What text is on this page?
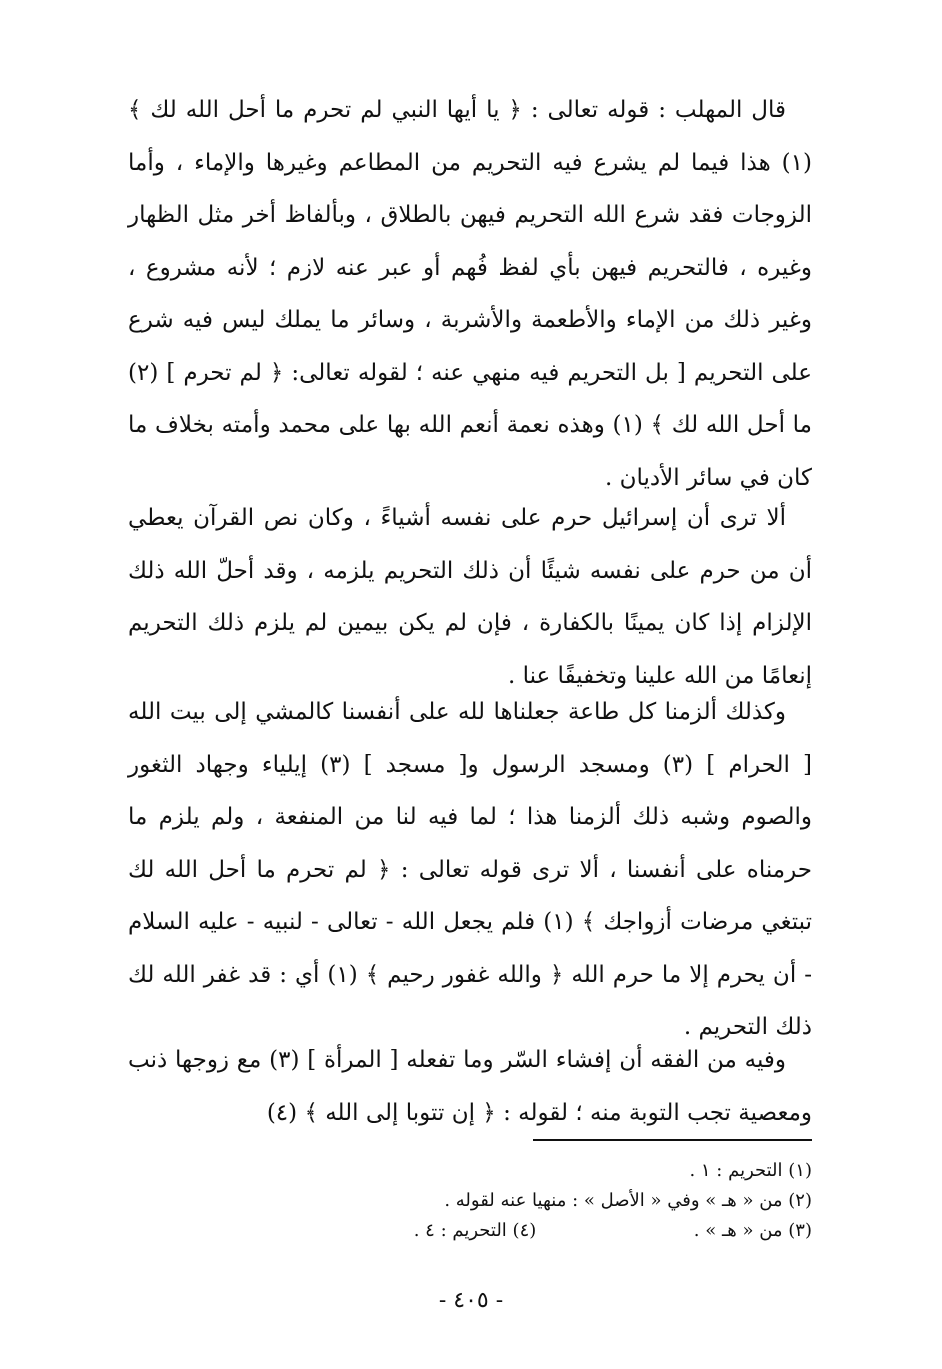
قال المهلب : قوله تعالى : ﴿ يا أيها النبي لم تحرم ما أحل الله لك ﴾(١) هذا فيما لم يشرع فيه التحريم من المطاعم وغيرها والإماء ، وأما الزوجات فقد شرع الله التحريم فيهن بالطلاق ، وبألفاظ أخر مثل الظهار وغيره ، فالتحريم فيهن بأي لفظ فُهم أو عبر عنه لازم ؛ لأنه مشروع ، وغير ذلك من الإماء والأطعمة والأشربة ، وسائر ما يملك ليس فيه شرع على التحريم [ بل التحريم فيه منهي عنه ؛ لقوله تعالى: ﴿ لم تحرم ] (٢) ما أحل الله لك ﴾ (١) وهذه نعمة أنعم الله بها على محمد وأمته بخلاف ما كان في سائر الأديان .

ألا ترى أن إسرائيل حرم على نفسه أشياءً ، وكان نص القرآن يعطي أن من حرم على نفسه شيئًا أن ذلك التحريم يلزمه ، وقد أحلّ الله ذلك الإلزام إذا كان يمينًا بالكفارة ، فإن لم يكن بيمين لم يلزم ذلك التحريم إنعامًا من الله علينا وتخفيفًا عنا .

وكذلك ألزمنا كل طاعة جعلناها لله على أنفسنا كالمشي إلى بيت الله [ الحرام ] (٣) ومسجد الرسول و[ مسجد ] (٣) إيلياء وجهاد الثغور والصوم وشبه ذلك ألزمنا هذا ؛ لما فيه لنا من المنفعة ، ولم يلزم ما حرمناه على أنفسنا ، ألا ترى قوله تعالى : ﴿ لم تحرم ما أحل الله لك تبتغي مرضات أزواجك ﴾ (١) فلم يجعل الله - تعالى - لنبيه - عليه السلام - أن يحرم إلا ما حرم الله ﴿ والله غفور رحيم ﴾ (١) أي : قد غفر الله لك ذلك التحريم .

وفيه من الفقه أن إفشاء السّر وما تفعله [ المرأة ] (٣) مع زوجها ذنب ومعصية تجب التوبة منه ؛ لقوله : ﴿ إن تتوبا إلى الله ﴾ (٤)

(١) التحريم : ١ .
(٢) من « هـ » وفي « الأصل » : منهيا عنه لقوله .
(٣) من « هـ » . (٤) التحريم : ٤ .
- ٤٠٥ -
